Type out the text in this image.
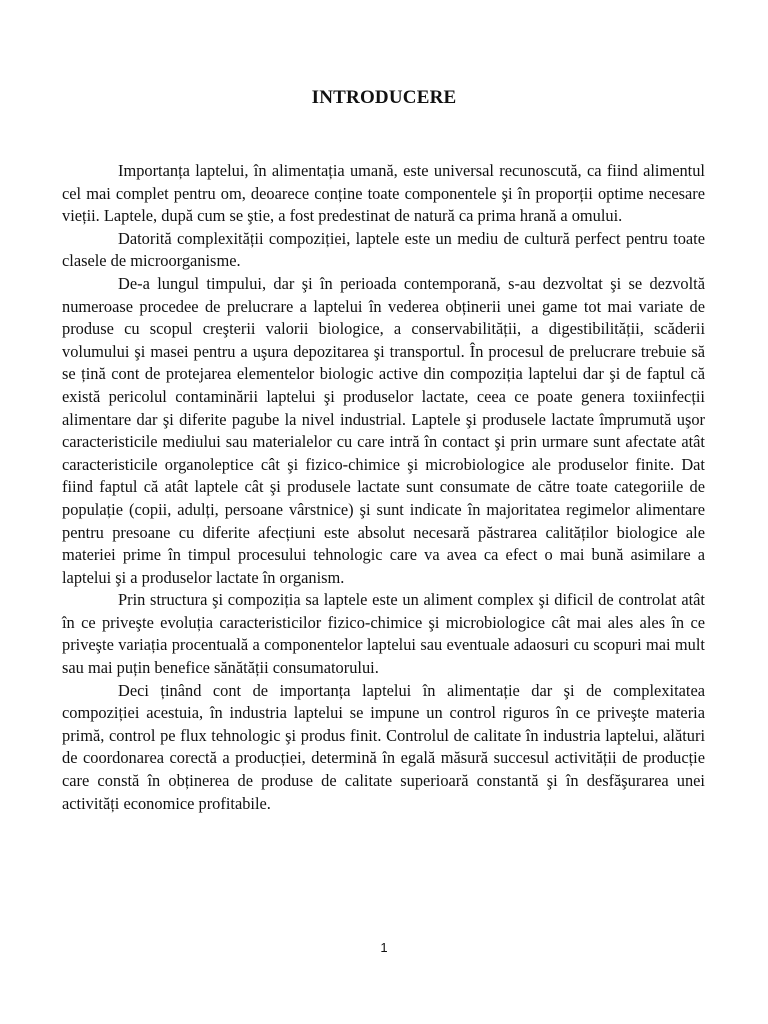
INTRODUCERE

Importanța laptelui, în alimentația umană, este universal recunoscută, ca fiind alimentul cel mai complet pentru om, deoarece conține toate componentele şi în proporții optime necesare vieții. Laptele, după cum se ştie, a fost predestinat de natură ca prima hrană a omului.

Datorită complexității compoziției, laptele este un mediu de cultură perfect pentru toate clasele de microorganisme.

De-a lungul timpului, dar şi în perioada contemporană, s-au dezvoltat şi se dezvoltă numeroase procedee de prelucrare a laptelui în vederea obținerii unei game tot mai variate de produse cu scopul creşterii valorii biologice, a conservabilității, a digestibilității, scăderii volumului şi masei pentru a uşura depozitarea şi transportul. În procesul de prelucrare trebuie să se țină cont de protejarea elementelor biologic active din compoziția laptelui dar şi de faptul că există pericolul contaminării laptelui şi produselor lactate, ceea ce poate genera toxiinfecții alimentare dar şi diferite pagube la nivel industrial. Laptele şi produsele lactate împrumută uşor caracteristicile mediului sau materialelor cu care intră în contact şi prin urmare sunt afectate atât caracteristicile organoleptice cât şi fizico-chimice şi microbiologice ale produselor finite. Dat fiind faptul că atât laptele cât şi produsele lactate sunt consumate de către toate categoriile de populație (copii, adulți, persoane vârstnice) şi sunt indicate în majoritatea regimelor alimentare pentru presoane cu diferite afecțiuni este absolut necesară păstrarea calităților biologice ale materiei prime în timpul procesului tehnologic care va avea ca efect o mai bună asimilare a laptelui şi a produselor lactate în organism.

Prin structura şi compoziția sa laptele este un aliment complex şi dificil de controlat atât în ce priveşte evoluția caracteristicilor fizico-chimice şi microbiologice cât mai ales ales în ce priveşte variația procentuală a componentelor laptelui sau eventuale adaosuri cu scopuri mai mult sau mai puțin benefice sănătății consumatorului.

Deci ținând cont de importanța laptelui în alimentație dar şi de complexitatea compoziției acestuia, în industria laptelui se impune un control riguros în ce priveşte materia primă, control pe flux tehnologic şi produs finit. Controlul de calitate în industria laptelui, alături de coordonarea corectă a producției, determină în egală măsură succesul activității de producție care constă în obținerea de produse de calitate superioară constantă şi în desfăşurarea unei activități economice profitabile.

1
